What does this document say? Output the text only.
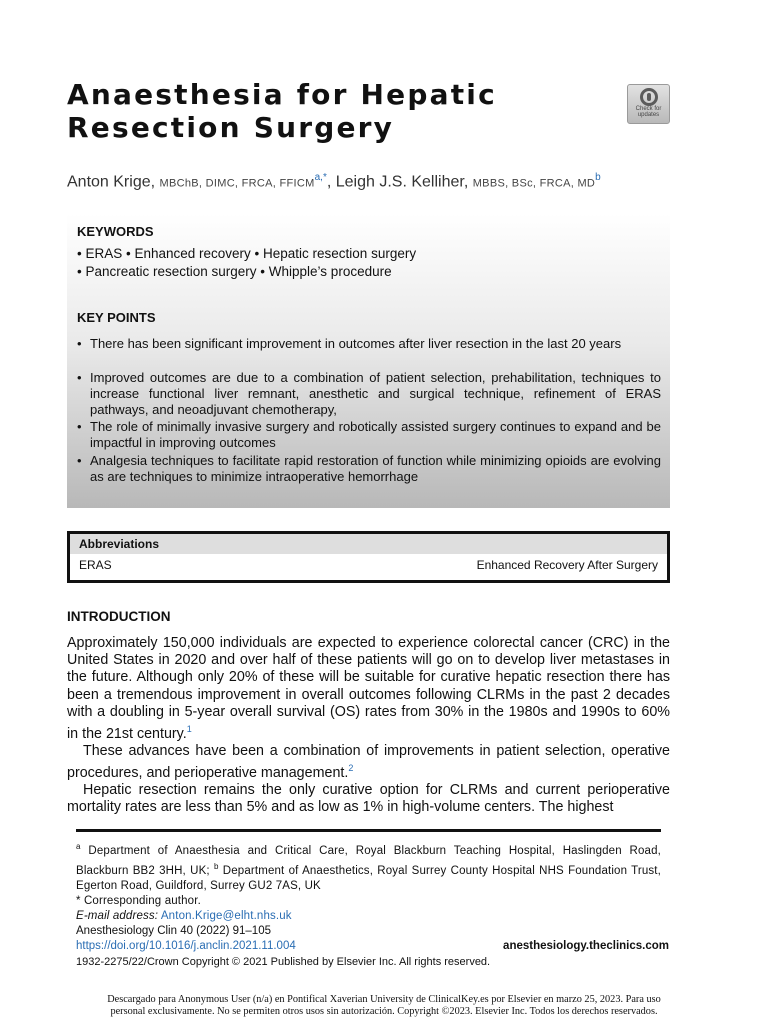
Anaesthesia for Hepatic
Resection Surgery
Check for
updates

Anton Krige, MBChB, DIMC, FRCA, $FFICM^{a,*}$, Leigh J.S. Kelliher, MBBS, BSc, FRCA, $MD^b$

KEYWORDS
• ERAS • Enhanced recovery • Hepatic resection surgery
• Pancreatic resection surgery • Whipple’s procedure
KEY POINTS

• There has been significant improvement in outcomes after liver resection in the last 20 years

• Improved outcomes are due to a combination of patient selection, prehabilitation, techniques to increase functional liver remnant, anesthetic and surgical technique, refinement of ERAS pathways, and neoadjuvant chemotherapy,

• The role of minimally invasive surgery and robotically assisted surgery continues to expand and be impactful in improving outcomes

• Analgesia techniques to facilitate rapid restoration of function while minimizing opioids are evolving as are techniques to minimize intraoperative hemorrhage

Abbreviations
ERAS	Enhanced Recovery After Surgery
INTRODUCTION

Approximately 150,000 individuals are expected to experience colorectal cancer (CRC) in the United States in 2020 and over half of these patients will go on to develop liver metastases in the future. Although only 20% of these will be suitable for curative hepatic resection there has been a tremendous improvement in overall outcomes following CLRMs in the past 2 decades with a doubling in 5-year overall survival (OS) rates from 30% in the 1980s and 1990s to 60% in the 21st century.$^1$

These advances have been a combination of improvements in patient selection, operative procedures, and perioperative management.$^2$

Hepatic resection remains the only curative option for CLRMs and current perioperative mortality rates are less than 5% and as low as 1% in high-volume centers. The highest

$^a$ Department of Anaesthesia and Critical Care, Royal Blackburn Teaching Hospital, Haslingden Road, Blackburn BB2 3HH, UK; $^b$ Department of Anaesthetics, Royal Surrey County Hospital NHS Foundation Trust, Egerton Road, Guildford, Surrey GU2 7AS, UK

* Corresponding author.

E-mail address: Anton.Krige@elht.nhs.uk

Anesthesiology Clin 40 (2022) 91–105
https://doi.org/10.1016/j.anclin.2021.11.004	anesthesiology.theclinics.com
1932-2275/22/Crown Copyright © 2021 Published by Elsevier Inc. All rights reserved.

Descargado para Anonymous User (n/a) en Pontifical Xaverian University de ClinicalKey.es por Elsevier en marzo 25, 2023. Para uso

personal exclusivamente. No se permiten otros usos sin autorización. Copyright ©2023. Elsevier Inc. Todos los derechos reservados.
